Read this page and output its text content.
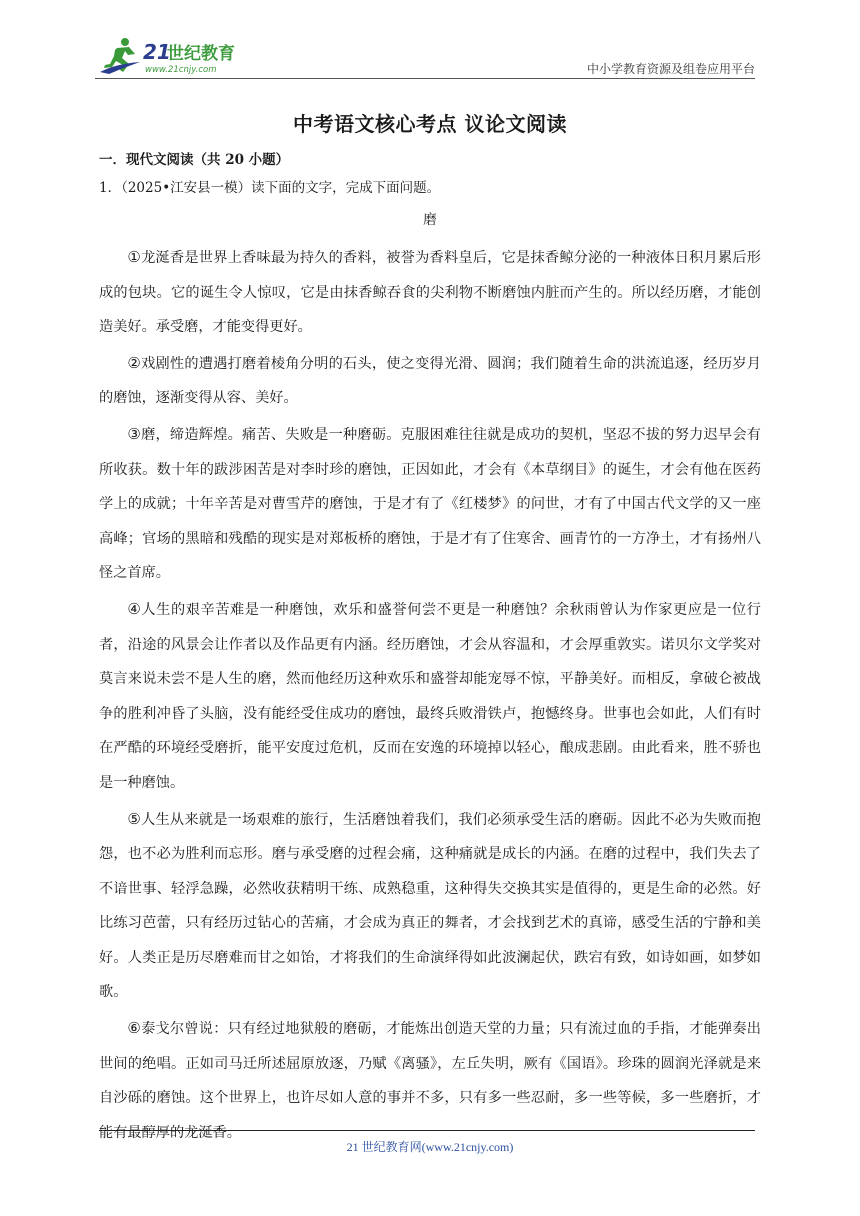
21
世纪教育
www.21cnjy.com	中小学教育资源及组卷应用平台
中考语文核心考点 议论文阅读
一．现代文阅读（共 20 小题）
1．（2025•江安县一模）读下面的文字，完成下面问题。
磨

①龙涎香是世界上香味最为持久的香料，被誉为香料皇后，它是抹香鲸分泌的一种液体日积月累后形成的包块。它的诞生令人惊叹，它是由抹香鲸吞食的尖利物不断磨蚀内脏而产生的。所以经历磨，才能创造美好。承受磨，才能变得更好。

②戏剧性的遭遇打磨着棱角分明的石头，使之变得光滑、圆润；我们随着生命的洪流追逐，经历岁月的磨蚀，逐渐变得从容、美好。

③磨，缔造辉煌。痛苦、失败是一种磨砺。克服困难往往就是成功的契机，坚忍不拔的努力迟早会有所收获。数十年的跋涉困苦是对李时珍的磨蚀，正因如此，才会有《本草纲目》的诞生，才会有他在医药学上的成就；十年辛苦是对曹雪芹的磨蚀，于是才有了《红楼梦》的问世，才有了中国古代文学的又一座高峰；官场的黑暗和残酷的现实是对郑板桥的磨蚀，于是才有了住寒舍、画青竹的一方净土，才有扬州八怪之首席。

④人生的艰辛苦难是一种磨蚀，欢乐和盛誉何尝不更是一种磨蚀？余秋雨曾认为作家更应是一位行者，沿途的风景会让作者以及作品更有内涵。经历磨蚀，才会从容温和，才会厚重敦实。诺贝尔文学奖对莫言来说未尝不是人生的磨，然而他经历这种欢乐和盛誉却能宠辱不惊，平静美好。而相反，拿破仑被战争的胜利冲昏了头脑，没有能经受住成功的磨蚀，最终兵败滑铁卢，抱憾终身。世事也会如此，人们有时在严酷的环境经受磨折，能平安度过危机，反而在安逸的环境掉以轻心，酿成悲剧。由此看来，胜不骄也是一种磨蚀。

⑤人生从来就是一场艰难的旅行，生活磨蚀着我们，我们必须承受生活的磨砺。因此不必为失败而抱怨，也不必为胜利而忘形。磨与承受磨的过程会痛，这种痛就是成长的内涵。在磨的过程中，我们失去了不谙世事、轻浮急躁，必然收获精明干练、成熟稳重，这种得失交换其实是值得的，更是生命的必然。好比练习芭蕾，只有经历过钻心的苦痛，才会成为真正的舞者，才会找到艺术的真谛，感受生活的宁静和美好。人类正是历尽磨难而甘之如饴，才将我们的生命演绎得如此波澜起伏，跌宕有致，如诗如画，如梦如歌。

⑥泰戈尔曾说：只有经过地狱般的磨砺，才能炼出创造天堂的力量；只有流过血的手指，才能弹奏出世间的绝唱。正如司马迁所述屈原放逐，乃赋《离骚》，左丘失明，厥有《国语》。珍珠的圆润光泽就是来自沙砾的磨蚀。这个世界上，也许尽如人意的事并不多，只有多一些忍耐，多一些等候，多一些磨折，才能有最醇厚的龙涎香。

21 世纪教育网(www.21cnjy.com)
